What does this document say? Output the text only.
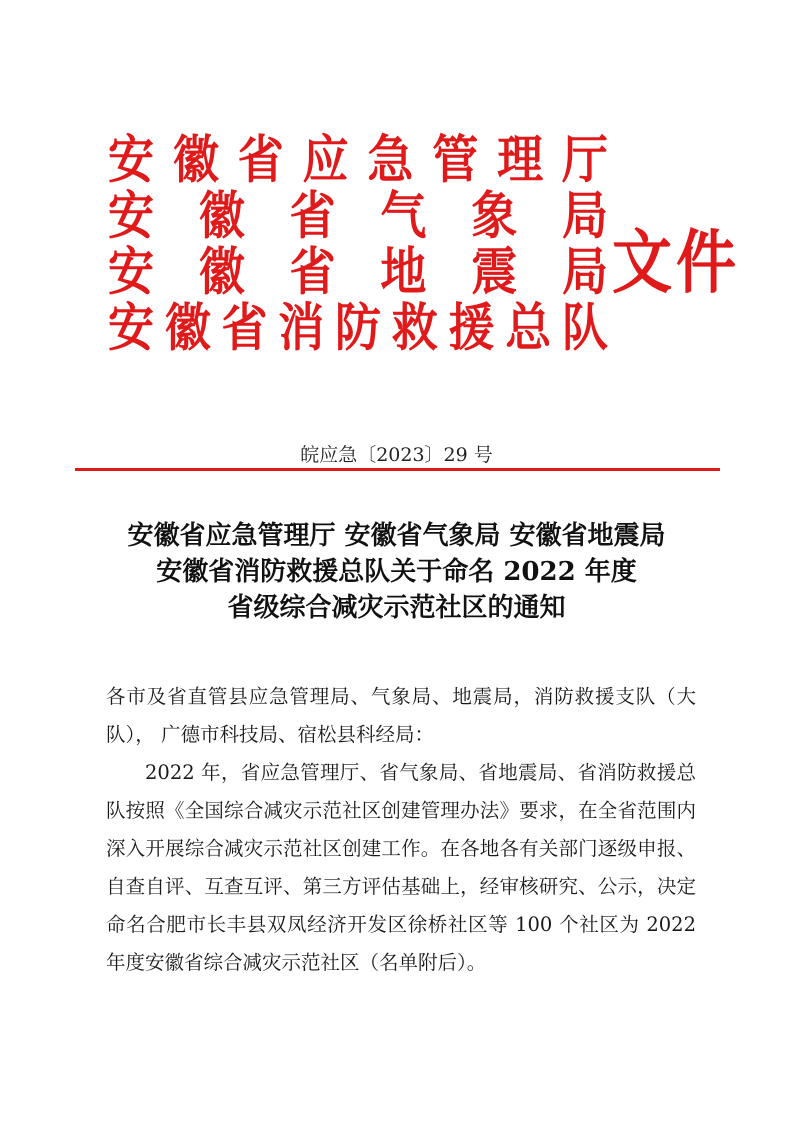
安 徽 省 应 急 管 理 厅
安 徽 省 气 象 局
安 徽 省 地 震 局
安 徽 省 消 防 救 援 总 队
文件
皖应急〔2023〕29 号
安徽省应急管理厅 安徽省气象局 安徽省地震局
安徽省消防救援总队关于命名 2022 年度
省级综合减灾示范社区的通知

各市及省直管县应急管理局、气象局、地震局，消防救援支队（大队）， 广德市科技局、宿松县科经局：

2022 年，省应急管理厅、省气象局、省地震局、省消防救援总队按照《全国综合减灾示范社区创建管理办法》要求，在全省范围内深入开展综合减灾示范社区创建工作。在各地各有关部门逐级申报、自查自评、互查互评、第三方评估基础上，经审核研究、公示，决定命名合肥市长丰县双凤经济开发区徐桥社区等 100 个社区为 2022 年度安徽省综合减灾示范社区（名单附后）。
